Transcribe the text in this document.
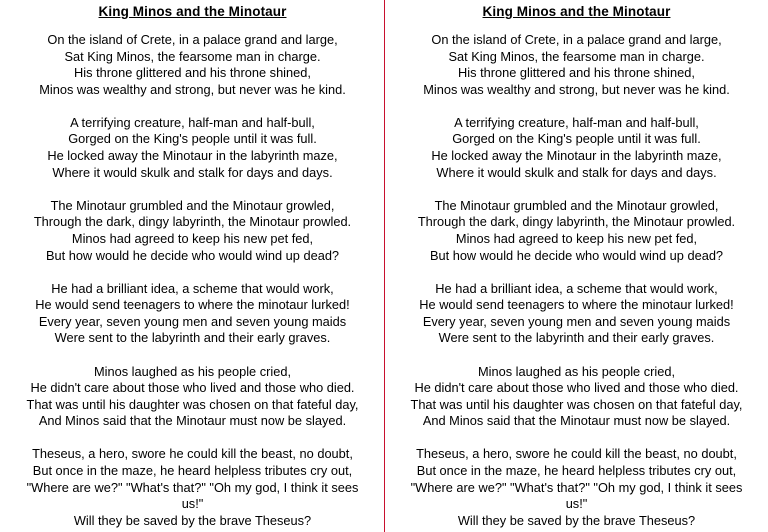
King Minos and the Minotaur
On the island of Crete, in a palace grand and large,
Sat King Minos, the fearsome man in charge.
His throne glittered and his throne shined,
Minos was wealthy and strong, but never was he kind.
A terrifying creature, half-man and half-bull,
Gorged on the King's people until it was full.
He locked away the Minotaur in the labyrinth maze,
Where it would skulk and stalk for days and days.
The Minotaur grumbled and the Minotaur growled,
Through the dark, dingy labyrinth, the Minotaur prowled.
Minos had agreed to keep his new pet fed,
But how would he decide who would wind up dead?
He had a brilliant idea, a scheme that would work,
He would send teenagers to where the minotaur lurked!
Every year, seven young men and seven young maids
Were sent to the labyrinth and their early graves.
Minos laughed as his people cried,
He didn't care about those who lived and those who died.
That was until his daughter was chosen on that fateful day,
And Minos said that the Minotaur must now be slayed.
Theseus, a hero, swore he could kill the beast, no doubt,
But once in the maze, he heard helpless tributes cry out,
"Where are we?" "What's that?" "Oh my god, I think it sees
us!"
Will they be saved by the brave Theseus?
King Minos and the Minotaur
On the island of Crete, in a palace grand and large,
Sat King Minos, the fearsome man in charge.
His throne glittered and his throne shined,
Minos was wealthy and strong, but never was he kind.
A terrifying creature, half-man and half-bull,
Gorged on the King's people until it was full.
He locked away the Minotaur in the labyrinth maze,
Where it would skulk and stalk for days and days.
The Minotaur grumbled and the Minotaur growled,
Through the dark, dingy labyrinth, the Minotaur prowled.
Minos had agreed to keep his new pet fed,
But how would he decide who would wind up dead?
He had a brilliant idea, a scheme that would work,
He would send teenagers to where the minotaur lurked!
Every year, seven young men and seven young maids
Were sent to the labyrinth and their early graves.
Minos laughed as his people cried,
He didn't care about those who lived and those who died.
That was until his daughter was chosen on that fateful day,
And Minos said that the Minotaur must now be slayed.
Theseus, a hero, swore he could kill the beast, no doubt,
But once in the maze, he heard helpless tributes cry out,
"Where are we?" "What's that?" "Oh my god, I think it sees
us!"
Will they be saved by the brave Theseus?
